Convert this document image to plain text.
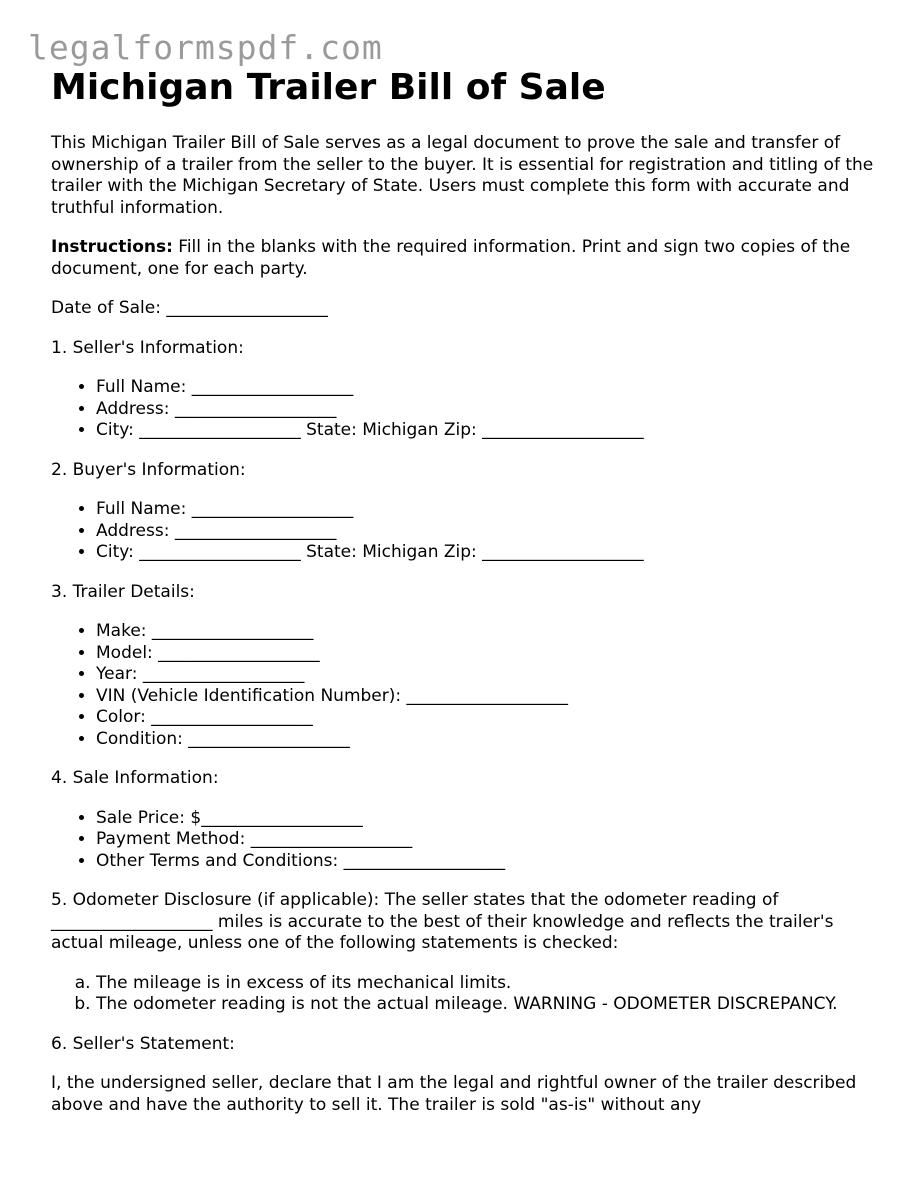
legalformspdf.com
Michigan Trailer Bill of Sale

This Michigan Trailer Bill of Sale serves as a legal document to prove the sale and transfer of ownership of a trailer from the seller to the buyer. It is essential for registration and titling of the trailer with the Michigan Secretary of State. Users must complete this form with accurate and truthful information.

Instructions: Fill in the blanks with the required information. Print and sign two copies of the document, one for each party.

Date of Sale: ___________________

1. Seller's Information:

• Full Name: ___________________
• Address: ___________________
• City: ___________________ State: Michigan Zip: ___________________

2. Buyer's Information:

• Full Name: ___________________
• Address: ___________________
• City: ___________________ State: Michigan Zip: ___________________

3. Trailer Details:

• Make: ___________________
• Model: ___________________
• Year: ___________________
• VIN (Vehicle Identification Number): ___________________
• Color: ___________________
• Condition: ___________________

4. Sale Information:

• Sale Price: $___________________
• Payment Method: ___________________
• Other Terms and Conditions: ___________________

5. Odometer Disclosure (if applicable): The seller states that the odometer reading of ___________________ miles is accurate to the best of their knowledge and reflects the trailer's actual mileage, unless one of the following statements is checked:

a. The mileage is in excess of its mechanical limits.
b. The odometer reading is not the actual mileage. WARNING - ODOMETER DISCREPANCY.

6. Seller's Statement:

I, the undersigned seller, declare that I am the legal and rightful owner of the trailer described above and have the authority to sell it. The trailer is sold "as-is" without any
